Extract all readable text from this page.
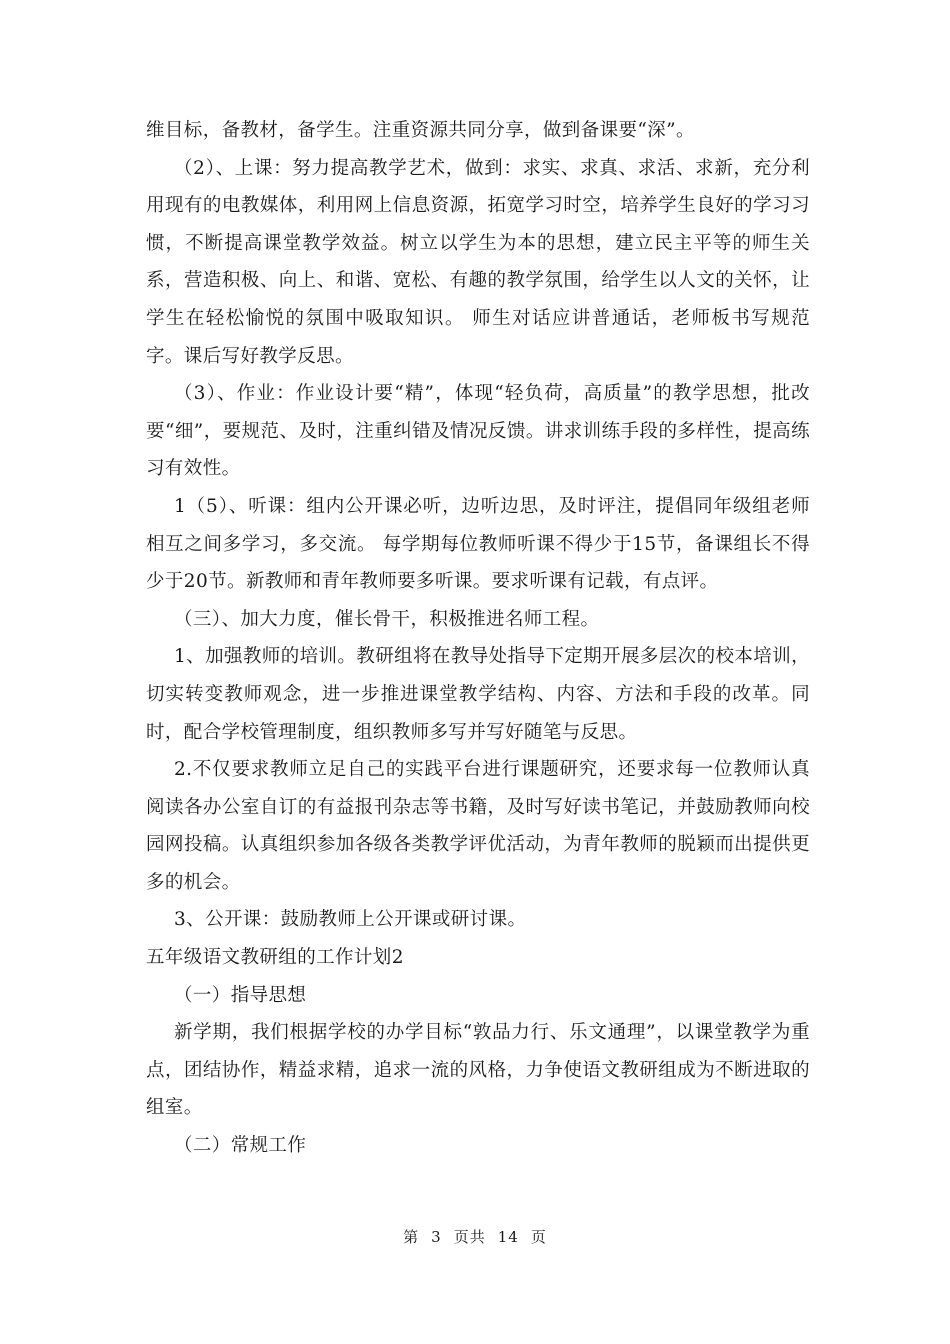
维目标，备教材，备学生。注重资源共同分享，做到备课要“深”。

（2）、上课：努力提高教学艺术，做到：求实、求真、求活、求新，充分利用现有的电教媒体，利用网上信息资源，拓宽学习时空，培养学生良好的学习习惯，不断提高课堂教学效益。树立以学生为本的思想，建立民主平等的师生关系，营造积极、向上、和谐、宽松、有趣的教学氛围，给学生以人文的关怀，让学生在轻松愉悦的氛围中吸取知识。 师生对话应讲普通话，老师板书写规范字。课后写好教学反思。

（3）、作业：作业设计要“精”，体现“轻负荷，高质量”的教学思想，批改要“细”，要规范、及时，注重纠错及情况反馈。讲求训练手段的多样性，提高练习有效性。

1（5）、听课：组内公开课必听，边听边思，及时评注，提倡同年级组老师相互之间多学习，多交流。 每学期每位教师听课不得少于15节，备课组长不得少于20节。新教师和青年教师要多听课。要求听课有记载，有点评。

（三）、加大力度，催长骨干，积极推进名师工程。

1、加强教师的培训。教研组将在教导处指导下定期开展多层次的校本培训，切实转变教师观念，进一步推进课堂教学结构、内容、方法和手段的改革。同时，配合学校管理制度，组织教师多写并写好随笔与反思。

2.不仅要求教师立足自己的实践平台进行课题研究，还要求每一位教师认真阅读各办公室自订的有益报刊杂志等书籍，及时写好读书笔记，并鼓励教师向校园网投稿。认真组织参加各级各类教学评优活动，为青年教师的脱颖而出提供更多的机会。

3、公开课：鼓励教师上公开课或研讨课。

五年级语文教研组的工作计划2

（一）指导思想

新学期，我们根据学校的办学目标“敦品力行、乐文通理”，以课堂教学为重点，团结协作，精益求精，追求一流的风格，力争使语文教研组成为不断进取的组室。

（二）常规工作

第 3 页共 14 页
